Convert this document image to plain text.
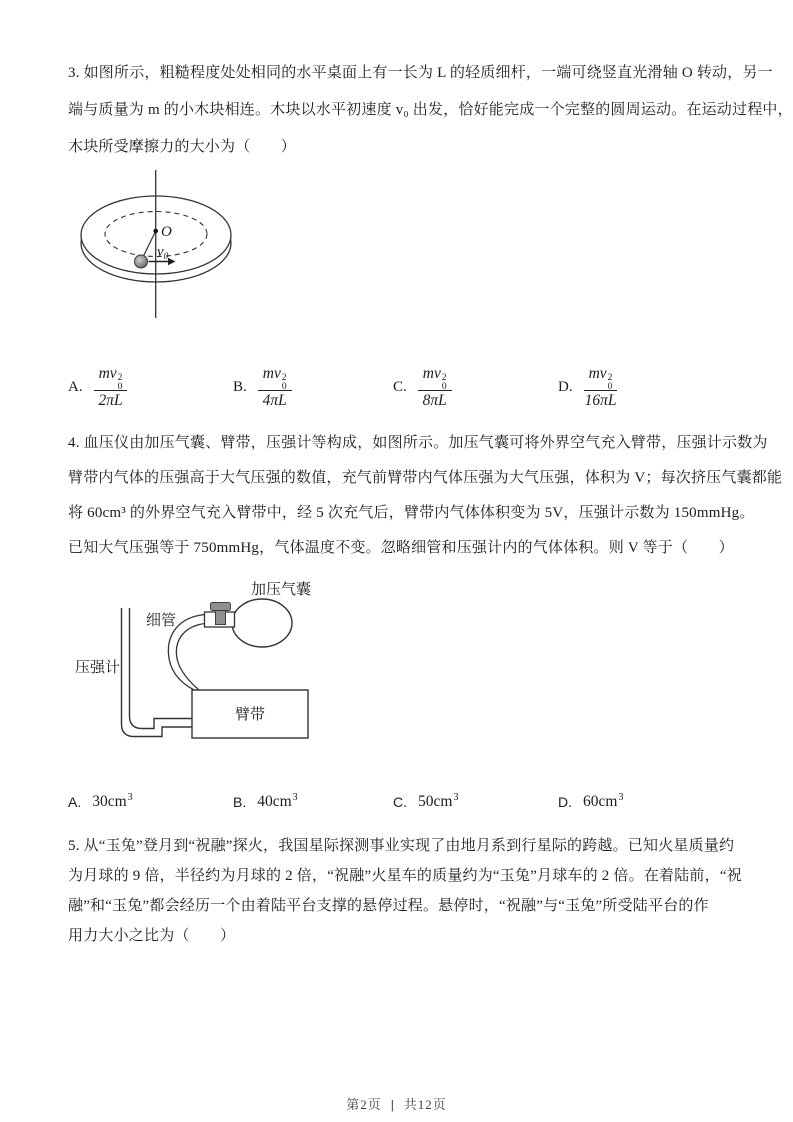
3. 如图所示，粗糙程度处处相同的水平桌面上有一长为 L 的轻质细杆，一端可绕竖直光滑轴 O 转动，另一
端与质量为 m 的小木块相连。木块以水平初速度 v₀ 出发，恰好能完成一个完整的圆周运动。在运动过程中，
木块所受摩擦力的大小为（　　）
O
$v_0$
A. mv 2
0
2πL	B. mv 2
0
4πL	C. mv 2
0
8πL	D. mv 2
0
16πL
4. 血压仪由加压气囊、臂带，压强计等构成，如图所示。加压气囊可将外界空气充入臂带，压强计示数为
臂带内气体的压强高于大气压强的数值，充气前臂带内气体压强为大气压强，体积为 V；每次挤压气囊都能
将 60cm³ 的外界空气充入臂带中，经 5 次充气后，臂带内气体体积变为 5V，压强计示数为 150mmHg。
已知大气压强等于 750mmHg，气体温度不变。忽略细管和压强计内的气体体积。则 V 等于（　　）
加压气囊
细管
压强计
臂带
A. $30cm^3$	B. $40cm^3$	C. $50cm^3$	D. $60cm^3$
5. 从“玉兔”登月到“祝融”探火，我国星际探测事业实现了由地月系到行星际的跨越。已知火星质量约
为月球的 9 倍，半径约为月球的 2 倍，“祝融”火星车的质量约为“玉兔”月球车的 2 倍。在着陆前，“祝
融”和“玉兔”都会经历一个由着陆平台支撑的悬停过程。悬停时，“祝融”与“玉兔”所受陆平台的作
用力大小之比为（　　）
第2页 | 共12页
